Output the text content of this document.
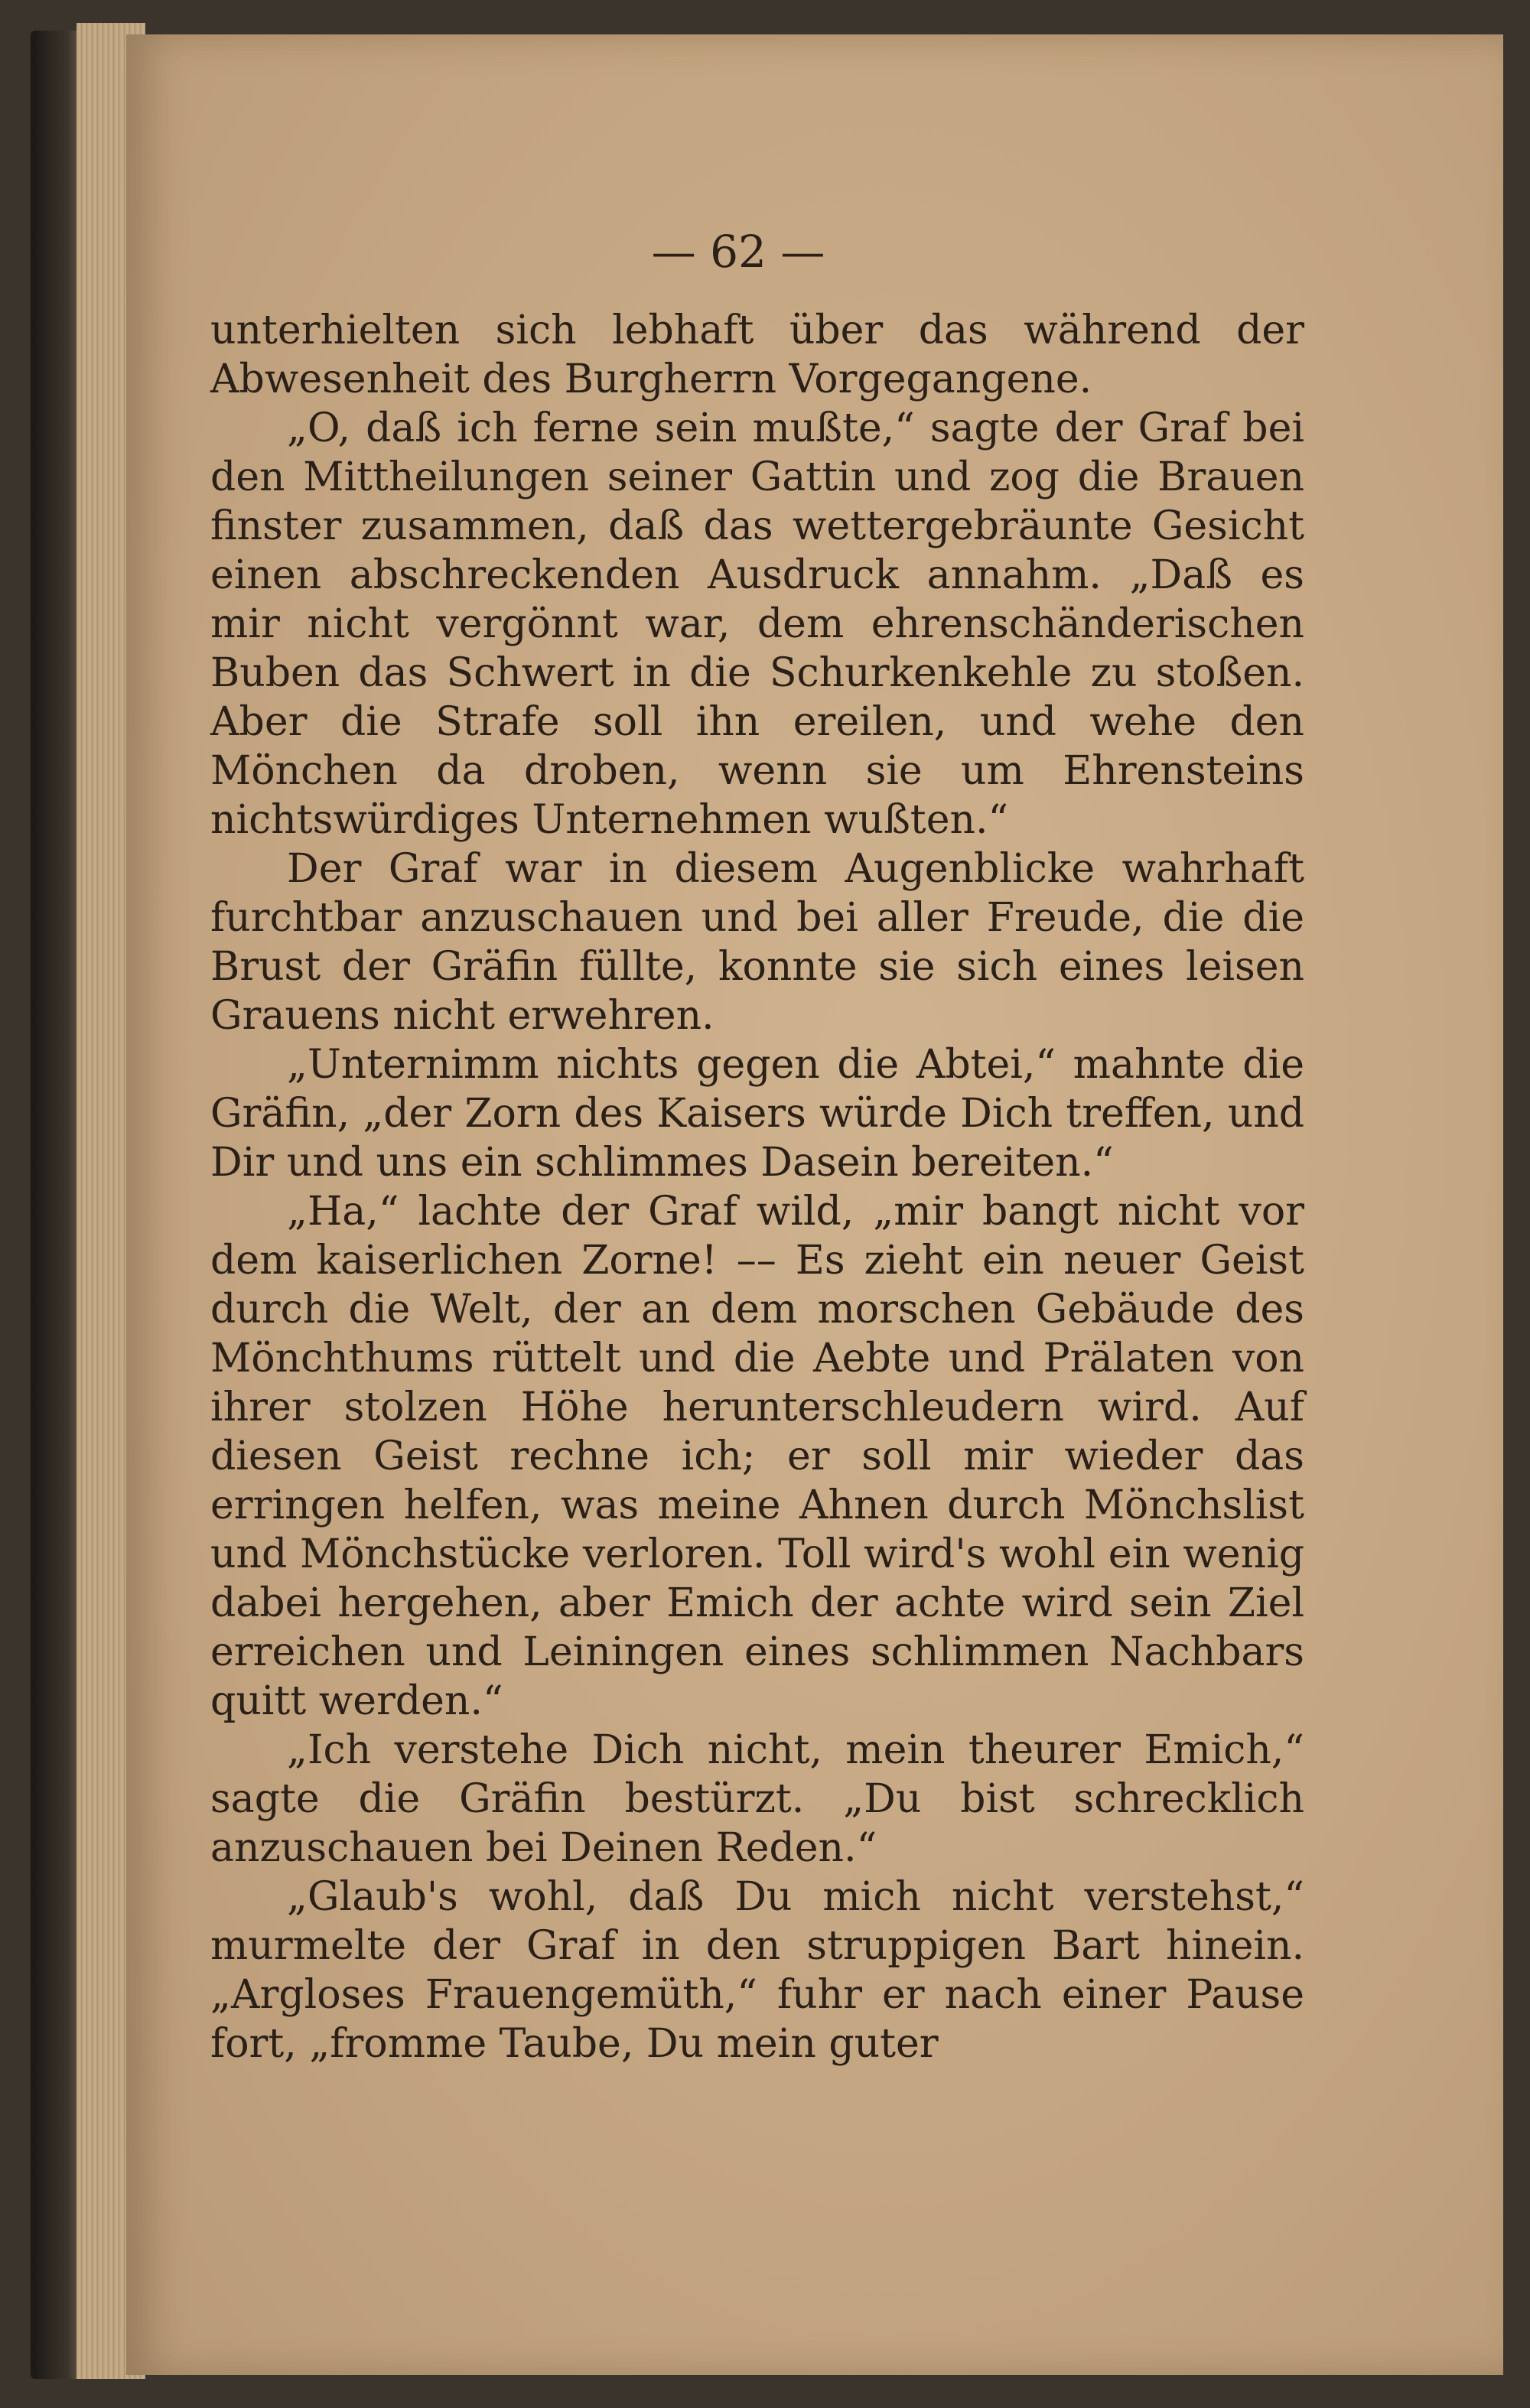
— 62 —

unterhielten sich lebhaft über das während der Abwesenheit des Burgherrn Vorgegangene.

„O, daß ich ferne sein mußte,“ sagte der Graf bei den Mittheilungen seiner Gattin und zog die Brauen finster zusammen, daß das wettergebräunte Gesicht einen abschreckenden Ausdruck annahm. „Daß es mir nicht vergönnt war, dem ehrenschänderischen Buben das Schwert in die Schurkenkehle zu stoßen. Aber die Strafe soll ihn ereilen, und wehe den Mönchen da droben, wenn sie um Ehrensteins nichtswürdiges Unternehmen wußten.“

Der Graf war in diesem Augenblicke wahrhaft furchtbar anzuschauen und bei aller Freude, die die Brust der Gräfin füllte, konnte sie sich eines leisen Grauens nicht erwehren.

„Unternimm nichts gegen die Abtei,“ mahnte die Gräfin, „der Zorn des Kaisers würde Dich treffen, und Dir und uns ein schlimmes Dasein bereiten.“

„Ha,“ lachte der Graf wild, „mir bangt nicht vor dem kaiserlichen Zorne! –– Es zieht ein neuer Geist durch die Welt, der an dem morschen Gebäude des Mönchthums rüttelt und die Aebte und Prälaten von ihrer stolzen Höhe herunterschleudern wird. Auf diesen Geist rechne ich; er soll mir wieder das erringen helfen, was meine Ahnen durch Mönchslist und Mönchstücke verloren. Toll wird's wohl ein wenig dabei hergehen, aber Emich der achte wird sein Ziel erreichen und Leiningen eines schlimmen Nachbars quitt werden.“

„Ich verstehe Dich nicht, mein theurer Emich,“ sagte die Gräfin bestürzt. „Du bist schrecklich anzuschauen bei Deinen Reden.“

„Glaub's wohl, daß Du mich nicht verstehst,“ murmelte der Graf in den struppigen Bart hinein. „Argloses Frauengemüth,“ fuhr er nach einer Pause fort, „fromme Taube, Du mein guter
